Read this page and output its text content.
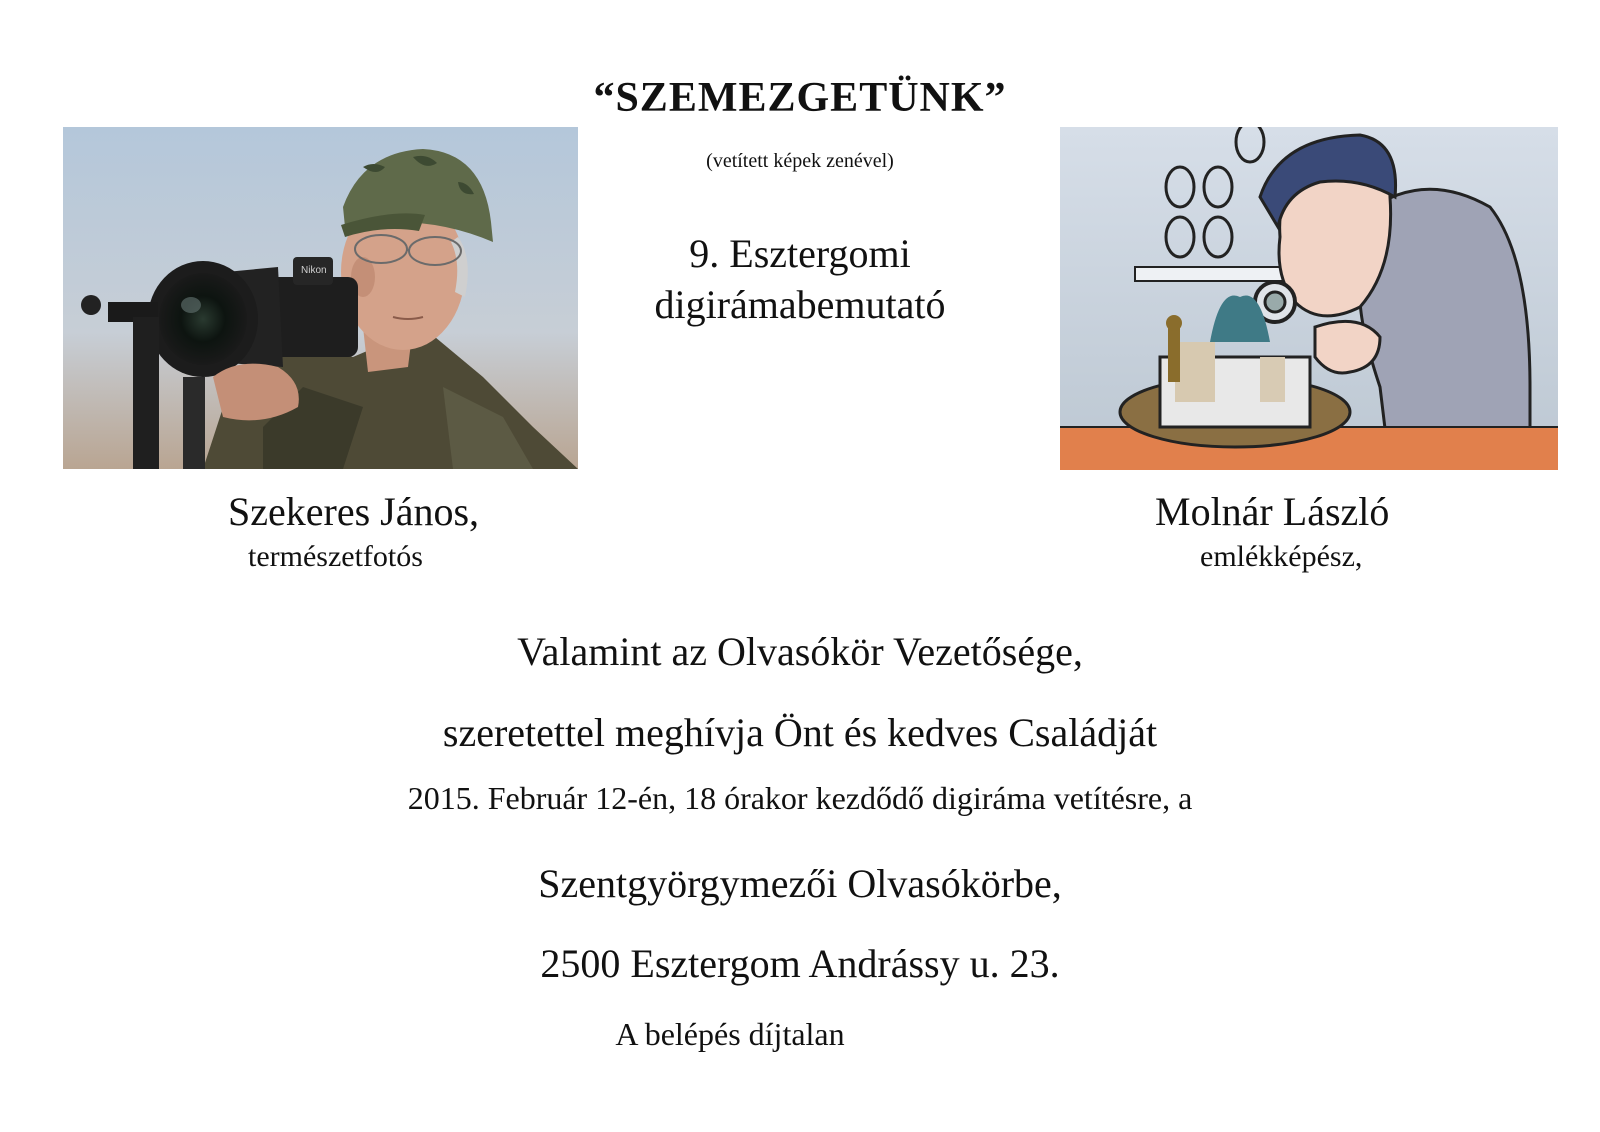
“SZEMEZGETÜNK”
(vetített képek zenével)
9. Esztergomi
digirámabemutató
Nikon
Szekeres János,
természetfotós
Molnár László
emlékképész,
Valamint az Olvasókör Vezetősége,
szeretettel meghívja Önt és kedves Családját
2015. Február 12-én, 18 órakor kezdődő digiráma vetítésre, a
Szentgyörgymezői Olvasókörbe,
2500 Esztergom Andrássy u. 23.
A belépés díjtalan
